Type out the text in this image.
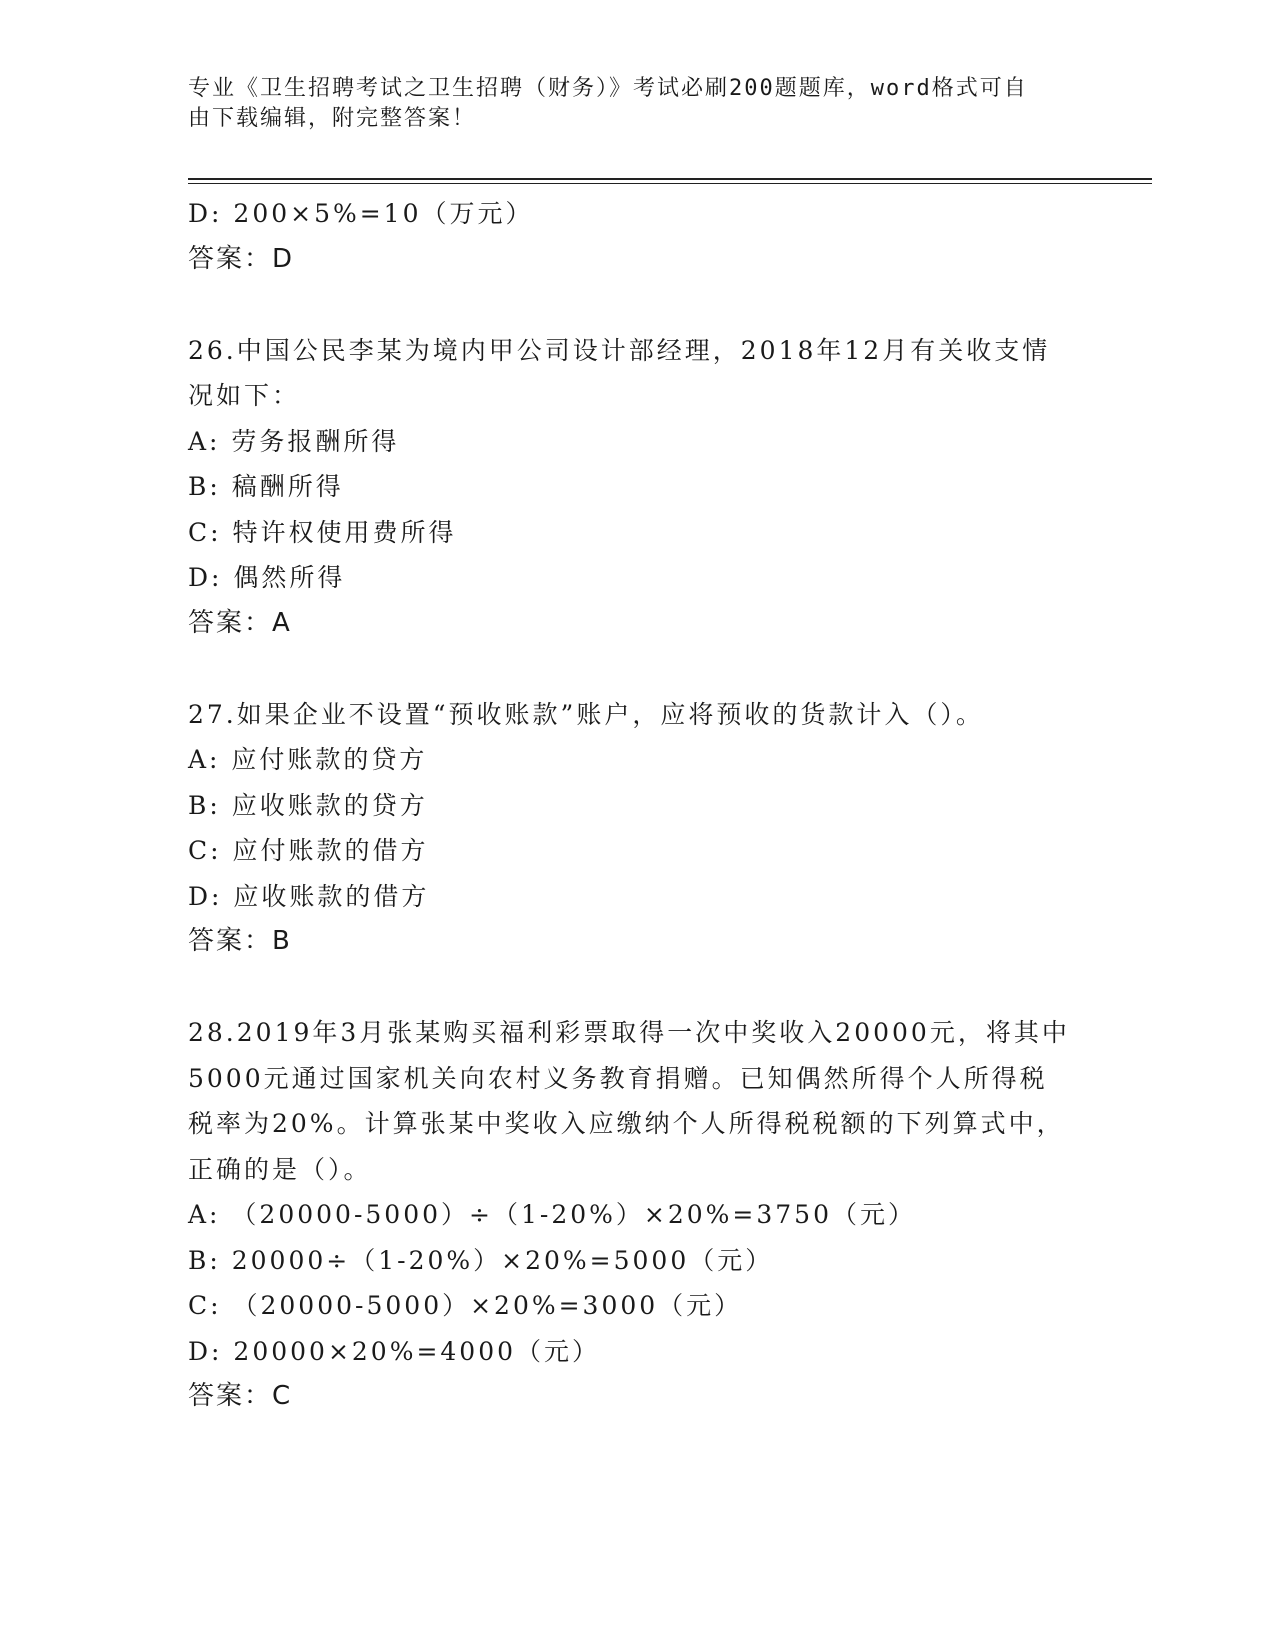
专业《卫生招聘考试之卫生招聘（财务）》考试必刷200题题库，word格式可自
由下载编辑，附完整答案！
D: 200×5%=10（万元）
答案：D
26.中国公民李某为境内甲公司设计部经理，2018年12月有关收支情
况如下：
A: 劳务报酬所得
B: 稿酬所得
C: 特许权使用费所得
D: 偶然所得
答案：A
27.如果企业不设置“预收账款”账户，应将预收的货款计入（）。
A: 应付账款的贷方
B: 应收账款的贷方
C: 应付账款的借方
D: 应收账款的借方
答案：B
28.2019年3月张某购买福利彩票取得一次中奖收入20000元，将其中
5000元通过国家机关向农村义务教育捐赠。已知偶然所得个人所得税
税率为20%。计算张某中奖收入应缴纳个人所得税税额的下列算式中，
正确的是（）。
A: （20000-5000）÷（1-20%）×20%=3750（元）
B: 20000÷（1-20%）×20%=5000（元）
C: （20000-5000）×20%=3000（元）
D: 20000×20%=4000（元）
答案：C
